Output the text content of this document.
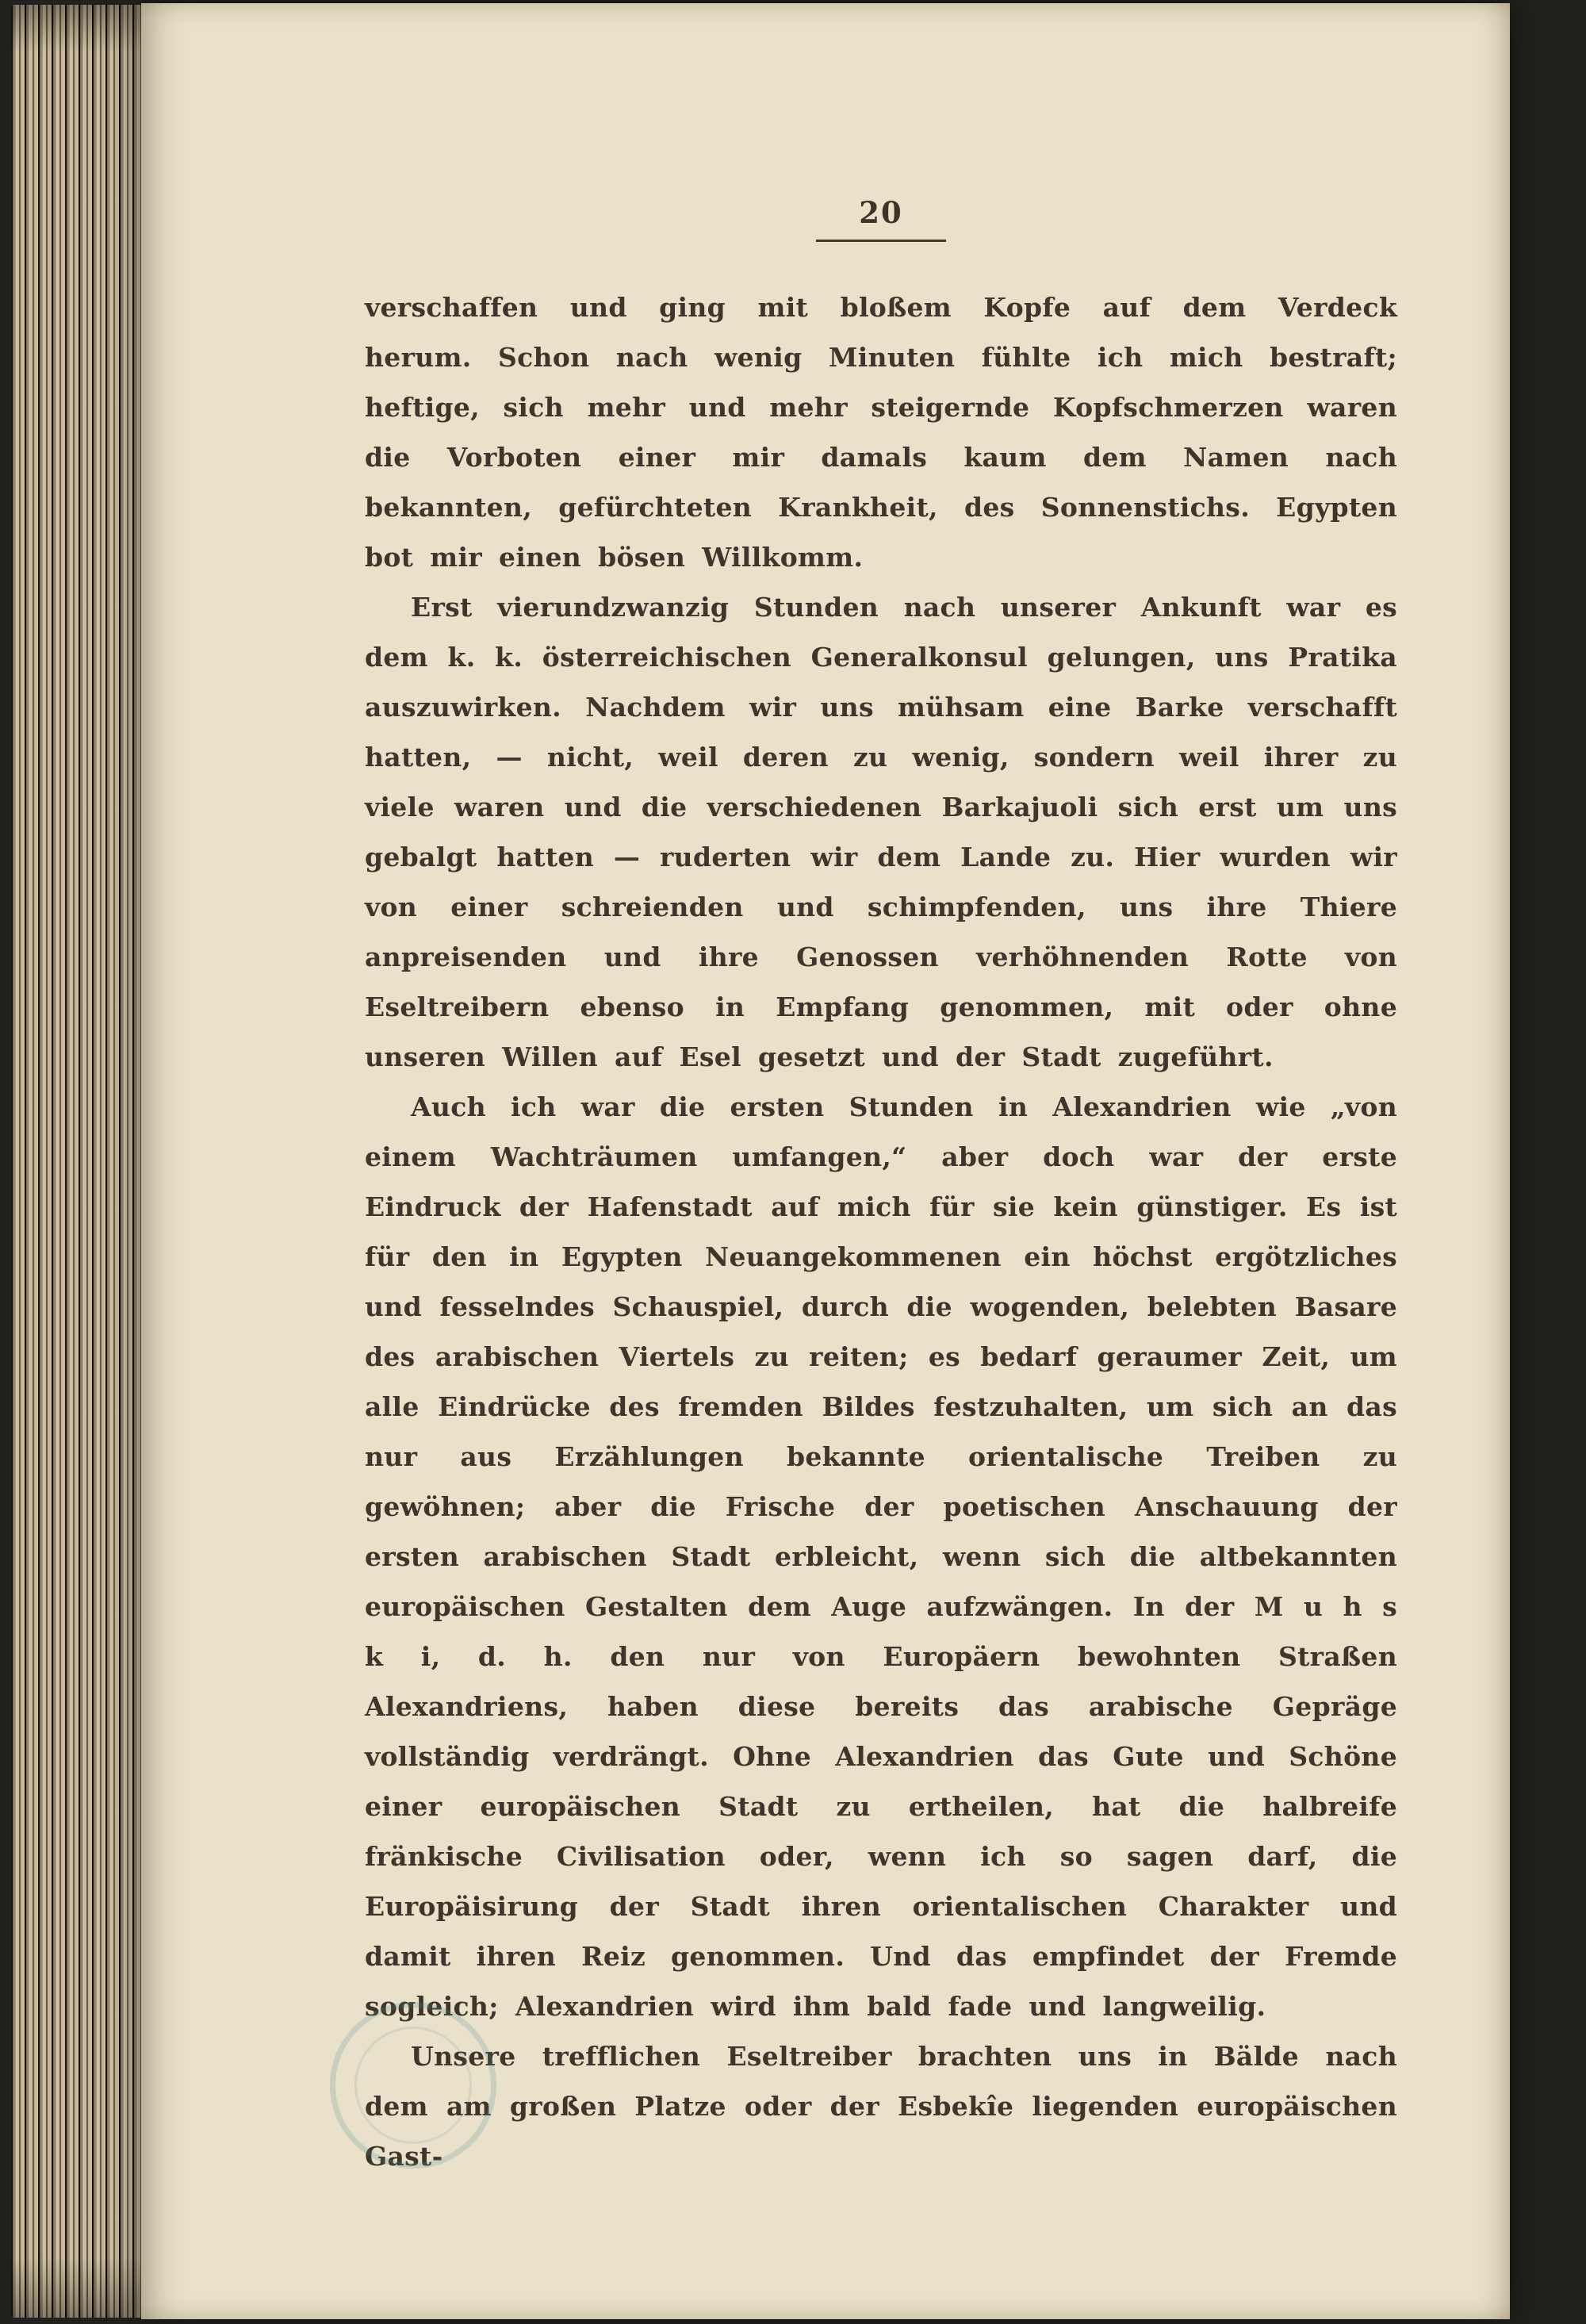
20

verschaffen und ging mit bloßem Kopfe auf dem Verdeck herum. Schon nach wenig Minuten fühlte ich mich bestraft; heftige, sich mehr und mehr steigernde Kopfschmerzen waren die Vorboten einer mir damals kaum dem Namen nach bekannten, gefürchteten Krankheit, des Sonnenstichs. Egypten bot mir einen bösen Willkomm.

Erst vierundzwanzig Stunden nach unserer Ankunft war es dem k. k. österreichischen Generalkonsul gelungen, uns Pratika auszuwirken. Nachdem wir uns mühsam eine Barke verschafft hatten, — nicht, weil deren zu wenig, sondern weil ihrer zu viele waren und die verschiedenen Barkajuoli sich erst um uns gebalgt hatten — ruderten wir dem Lande zu. Hier wurden wir von einer schreienden und schimpfenden, uns ihre Thiere anpreisenden und ihre Genossen verhöhnenden Rotte von Eseltreibern ebenso in Empfang genommen, mit oder ohne unseren Willen auf Esel gesetzt und der Stadt zugeführt.

Auch ich war die ersten Stunden in Alexandrien wie „von einem Wachträumen umfangen,“ aber doch war der erste Eindruck der Hafenstadt auf mich für sie kein günstiger. Es ist für den in Egypten Neuangekommenen ein höchst ergötzliches und fesselndes Schauspiel, durch die wogenden, belebten Basare des arabischen Viertels zu reiten; es bedarf geraumer Zeit, um alle Eindrücke des fremden Bildes festzuhalten, um sich an das nur aus Erzählungen bekannte orientalische Treiben zu gewöhnen; aber die Frische der poetischen Anschauung der ersten arabischen Stadt erbleicht, wenn sich die altbekannten europäischen Gestalten dem Auge aufzwängen. In der M u h s k i, d. h. den nur von Europäern bewohnten Straßen Alexandriens, haben diese bereits das arabische Gepräge vollständig verdrängt. Ohne Alexandrien das Gute und Schöne einer europäischen Stadt zu ertheilen, hat die halbreife fränkische Civilisation oder, wenn ich so sagen darf, die Europäisirung der Stadt ihren orientalischen Charakter und damit ihren Reiz genommen. Und das empfindet der Fremde sogleich; Alexandrien wird ihm bald fade und langweilig.

Unsere trefflichen Eseltreiber brachten uns in Bälde nach dem am großen Platze oder der Esbekîe liegenden europäischen Gast-
